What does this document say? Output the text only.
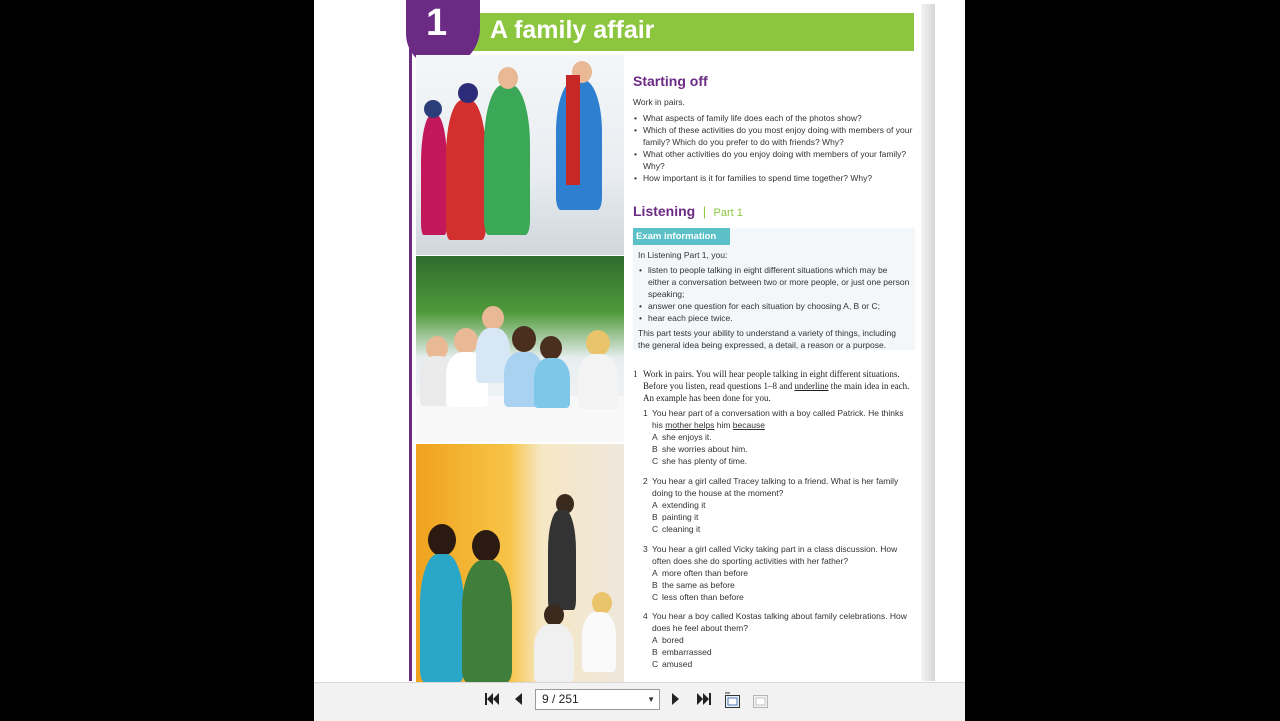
1 A family affair
Starting off
Work in pairs.
• What aspects of family life does each of the photos show?
• Which of these activities do you most enjoy doing with members of your family? Which do you prefer to do with friends? Why?
• What other activities do you enjoy doing with members of your family? Why?
• How important is it for families to spend time together? Why?
Listening | Part 1
Exam information
In Listening Part 1, you:
• listen to people talking in eight different situations which may be either a conversation between two or more people, or just one person speaking;
• answer one question for each situation by choosing A, B or C;
• hear each piece twice.
This part tests your ability to understand a variety of things, including the general idea being expressed, a detail, a reason or a purpose.
1 Work in pairs. You will hear people talking in eight different situations. Before you listen, read questions 1–8 and underline the main idea in each. An example has been done for you.
1 You hear part of a conversation with a boy called Patrick. He thinks his mother helps him because
A she enjoys it.
B she worries about him.
C she has plenty of time.
2 You hear a girl called Tracey talking to a friend. What is her family doing to the house at the moment?
A extending it
B painting it
C cleaning it
3 You hear a girl called Vicky taking part in a class discussion. How often does she do sporting activities with her father?
A more often than before
B the same as before
C less often than before
4 You hear a boy called Kostas talking about family celebrations. How does he feel about them?
A bored
B embarrassed
C amused
9 / 251	▼
